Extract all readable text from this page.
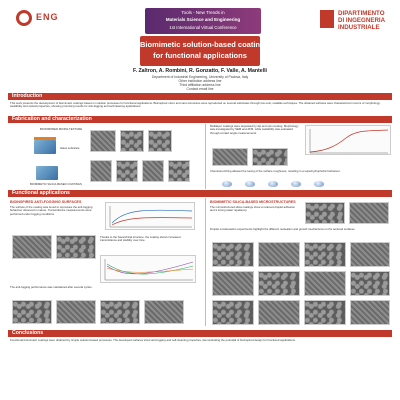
ENG	Tools - New Trends in
Materials Science and Engineering
1st International Virtual Conference
DIPARTIMENTO DI INGEGNERIA INDUSTRIALE
Biomimetic solution-based coatings
for functional applications
F. Zaltron, A. Rombini, R. Gonzatto, F. Valle, A. Mantelli
Department of Industrial Engineering, University of Padova, Italy
Other institution address line
Third affiliation address line
Contact email line
Introduction
This work presents the development of biomimetic coatings based on solution processes for functional applications. Bioinspired micro and nano structures were reproduced on several substrates through low-cost, scalable techniques. The obtained surfaces were characterized in terms of morphology, wettability and optical properties, showing promising results for anti-fogging and self-cleaning applications.
Fabrication and characterization
BIOINSPIRED MICRO-TEXTURE
Glass substrate
BIOMIMETIC SILICA-BASED COATINGS
Multilayer coatings were deposited by dip and spin coating. Morphology was investigated by SEM and AFM, while wettability was evaluated through contact angle measurements.
Chemical etching allowed the tuning of the surface roughness, resulting in a superhydrophobic behaviour.
Functional applications
BIOINSPIRED ANTI-FOGGING SURFACES
The surface of the coating was tuned to reproduce the anti-fogging behaviour observed in nature. Transmittance measurements were performed under fogging conditions.
Thanks to the hierarchical structure, the coating shows increased transmittance and stability over time.
The anti-fogging performance was maintained after several cycles.
BIOMIMETIC SILICA-BASED MICROSTRUCTURES
The microstructured silica coatings show a reduced droplet adhesion and a strong water repellency.
Droplet condensation experiments highlight the different nucleation and growth mechanisms on the textured surfaces.
Conclusions
Functional biomimetic coatings were obtained by simple solution-based processes. The developed surfaces show anti-fogging and self-cleaning properties, demonstrating the potential of bioinspired design for functional applications.
